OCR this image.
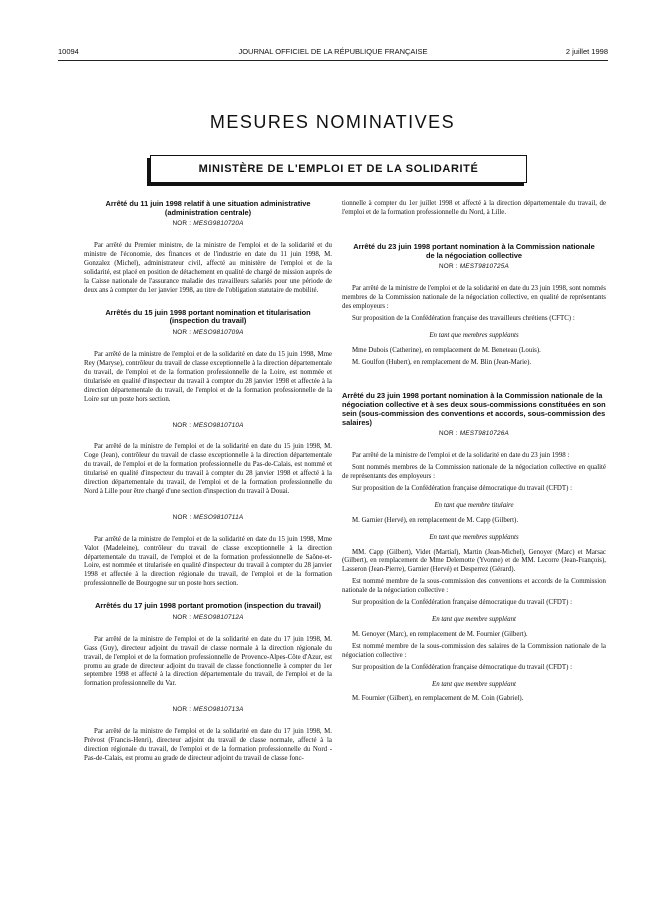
10094	JOURNAL OFFICIEL DE LA RÉPUBLIQUE FRANÇAISE	2 juillet 1998
MESURES NOMINATIVES
MINISTÈRE DE L'EMPLOI ET DE LA SOLIDARITÉ
Arrêté du 11 juin 1998 relatif à une situation administrative (administration centrale)
NOR : MESG9810720A

Par arrêté du Premier ministre, de la ministre de l'emploi et de la solidarité et du ministre de l'économie, des finances et de l'industrie en date du 11 juin 1998, M. Gonzalez (Michel), administrateur civil, affecté au ministère de l'emploi et de la solidarité, est placé en position de détachement en qualité de chargé de mission auprès de la Caisse nationale de l'assurance maladie des travailleurs salariés pour une période de deux ans à compter du 1er janvier 1998, au titre de l'obligation statutaire de mobilité.

Arrêtés du 15 juin 1998 portant nomination et titularisation (inspection du travail)
NOR : MESO9810709A

Par arrêté de la ministre de l'emploi et de la solidarité en date du 15 juin 1998, Mme Rey (Maryse), contrôleur du travail de classe exceptionnelle à la direction départementale du travail, de l'emploi et de la formation professionnelle de la Loire, est nommée et titularisée en qualité d'inspecteur du travail à compter du 28 janvier 1998 et affectée à la direction départementale du travail, de l'emploi et de la formation professionnelle de la Loire sur un poste hors section.

NOR : MESO9810710A

Par arrêté de la ministre de l'emploi et de la solidarité en date du 15 juin 1998, M. Coge (Jean), contrôleur du travail de classe exceptionnelle à la direction départementale du travail, de l'emploi et de la formation professionnelle du Pas-de-Calais, est nommé et titularisé en qualité d'inspecteur du travail à compter du 28 janvier 1998 et affecté à la direction départementale du travail, de l'emploi et de la formation professionnelle du Nord à Lille pour être chargé d'une section d'inspection du travail à Douai.

NOR : MESO9810711A

Par arrêté de la ministre de l'emploi et de la solidarité en date du 15 juin 1998, Mme Valot (Madeleine), contrôleur du travail de classe exceptionnelle à la direction départementale du travail, de l'emploi et de la formation professionnelle de Saône-et-Loire, est nommée et titularisée en qualité d'inspecteur du travail à compter du 28 janvier 1998 et affectée à la direction régionale du travail, de l'emploi et de la formation professionnelle de Bourgogne sur un poste hors section.

Arrêtés du 17 juin 1998 portant promotion (inspection du travail)
NOR : MESO9810712A

Par arrêté de la ministre de l'emploi et de la solidarité en date du 17 juin 1998, M. Gass (Guy), directeur adjoint du travail de classe normale à la direction régionale du travail, de l'emploi et de la formation professionnelle de Provence-Alpes-Côte d'Azur, est promu au grade de directeur adjoint du travail de classe fonctionnelle à compter du 1er septembre 1998 et affecté à la direction départementale du travail, de l'emploi et de la formation professionnelle du Var.

NOR : MESO9810713A

Par arrêté de la ministre de l'emploi et de la solidarité en date du 17 juin 1998, M. Prévost (Francis-Henri), directeur adjoint du travail de classe normale, affecté à la direction régionale du travail, de l'emploi et de la formation professionnelle du Nord - Pas-de-Calais, est promu au grade de directeur adjoint du travail de classe fonc-

tionnelle à compter du 1er juillet 1998 et affecté à la direction départementale du travail, de l'emploi et de la formation professionnelle du Nord, à Lille.

Arrêté du 23 juin 1998 portant nomination à la Commission nationale de la négociation collective
NOR : MEST9810725A

Par arrêté de la ministre de l'emploi et de la solidarité en date du 23 juin 1998, sont nommés membres de la Commission nationale de la négociation collective, en qualité de représentants des employeurs :

Sur proposition de la Confédération française des travailleurs chrétiens (CFTC) :

En tant que membres suppléants

Mme Dubois (Catherine), en remplacement de M. Beneteau (Louis).

M. Goulfon (Hubert), en remplacement de M. Blin (Jean-Marie).

Arrêté du 23 juin 1998 portant nomination à la Commission nationale de la négociation collective et à ses deux sous-commissions constituées en son sein (sous-commission des conventions et accords, sous-commission des salaires)
NOR : MEST9810726A

Par arrêté de la ministre de l'emploi et de la solidarité en date du 23 juin 1998 :

Sont nommés membres de la Commission nationale de la négociation collective en qualité de représentants des employeurs :

Sur proposition de la Confédération française démocratique du travail (CFDT) :

En tant que membre titulaire

M. Garnier (Hervé), en remplacement de M. Capp (Gilbert).

En tant que membres suppléants

MM. Capp (Gilbert), Videt (Martial), Martin (Jean-Michel), Genoyer (Marc) et Marsac (Gilbert), en remplacement de Mme Delemotte (Yvonne) et de MM. Lecorre (Jean-François), Lasseron (Jean-Pierre), Garnier (Hervé) et Desperrez (Gérard).

Est nommé membre de la sous-commission des conventions et accords de la Commission nationale de la négociation collective :

Sur proposition de la Confédération française démocratique du travail (CFDT) :

En tant que membre suppléant

M. Genoyer (Marc), en remplacement de M. Fournier (Gilbert).

Est nommé membre de la sous-commission des salaires de la Commission nationale de la négociation collective :

Sur proposition de la Confédération française démocratique du travail (CFDT) :

En tant que membre suppléant

M. Fournier (Gilbert), en remplacement de M. Coin (Gabriel).
